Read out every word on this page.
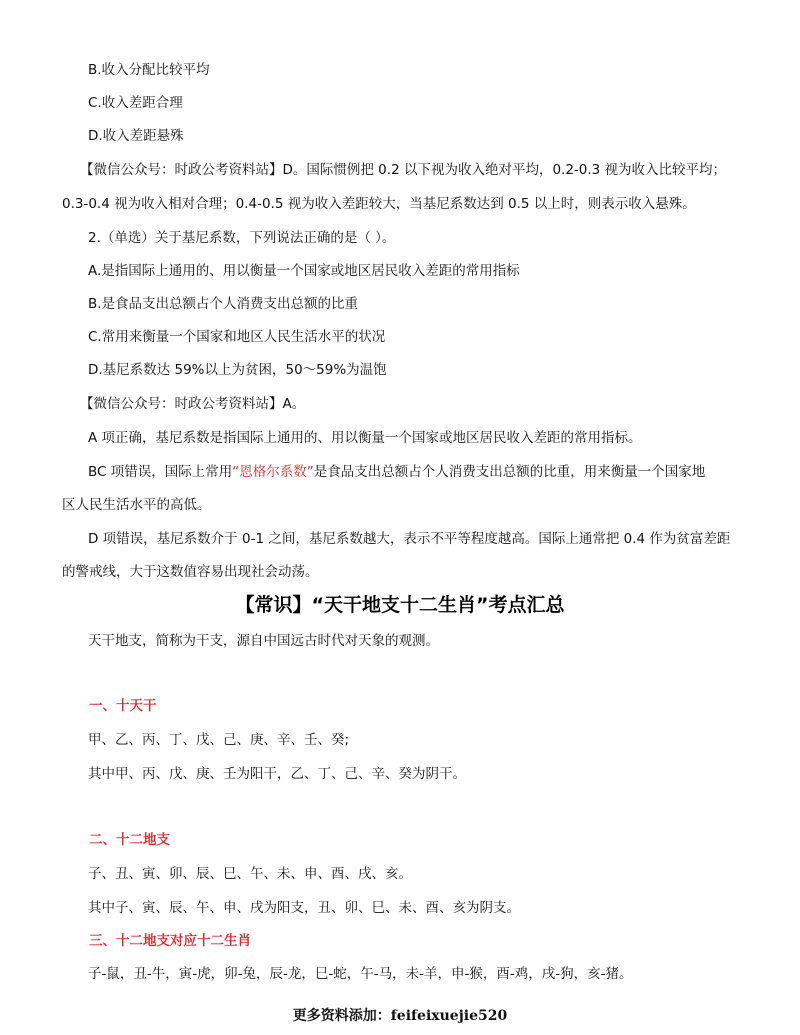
B.收入分配比较平均
C.收入差距合理
D.收入差距悬殊
【微信公众号：时政公考资料站】D。国际惯例把 0.2 以下视为收入绝对平均，0.2-0.3 视为收入比较平均；
0.3-0.4 视为收入相对合理；0.4-0.5 视为收入差距较大，当基尼系数达到 0.5 以上时，则表示收入悬殊。
2.（单选）关于基尼系数，下列说法正确的是（ ）。
A.是指国际上通用的、用以衡量一个国家或地区居民收入差距的常用指标
B.是食品支出总额占个人消费支出总额的比重
C.常用来衡量一个国家和地区人民生活水平的状况
D.基尼系数达 59%以上为贫困，50～59%为温饱
【微信公众号：时政公考资料站】A。
A 项正确，基尼系数是指国际上通用的、用以衡量一个国家或地区居民收入差距的常用指标。
BC 项错误，国际上常用“恩格尔系数”是食品支出总额占个人消费支出总额的比重，用来衡量一个国家地
区人民生活水平的高低。
D 项错误，基尼系数介于 0-1 之间，基尼系数越大，表示不平等程度越高。国际上通常把 0.4 作为贫富差距
的警戒线，大于这数值容易出现社会动荡。
【常识】“天干地支十二生肖”考点汇总
天干地支，简称为干支，源自中国远古时代对天象的观测。
一、十天干
甲、乙、丙、丁、戊、己、庚、辛、壬、癸;
其中甲、丙、戊、庚、壬为阳干，乙、丁、己、辛、癸为阴干。
二、十二地支
子、丑、寅、卯、辰、巳、午、未、申、酉、戌、亥。
其中子、寅、辰、午、申、戌为阳支，丑、卯、巳、未、酉、亥为阴支。
三、十二地支对应十二生肖
子-鼠，丑-牛，寅-虎，卯-兔，辰-龙，巳-蛇，午-马，未-羊，申-猴，酉-鸡，戌-狗，亥-猪。
更多资料添加：feifeixuejie520
